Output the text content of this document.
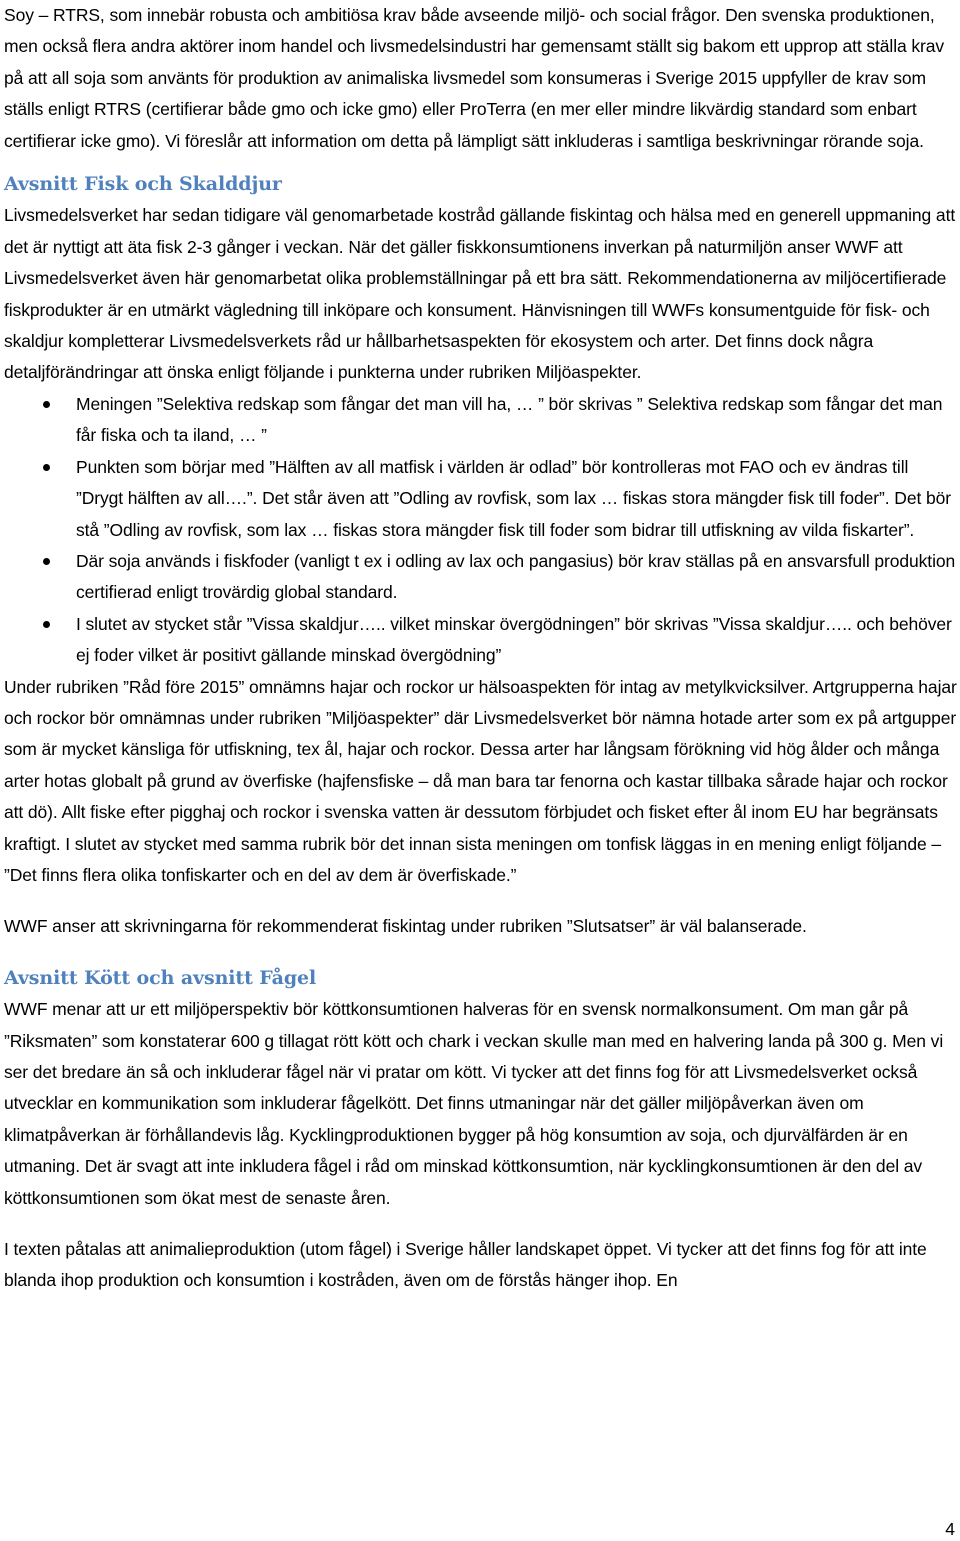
Soy – RTRS, som innebär robusta och ambitiösa krav både avseende miljö- och social frågor. Den svenska produktionen, men också flera andra aktörer inom handel och livsmedelsindustri har gemensamt ställt sig bakom ett upprop att ställa krav på att all soja som använts för produktion av animaliska livsmedel som konsumeras i Sverige 2015 uppfyller de krav som ställs enligt RTRS (certifierar både gmo och icke gmo) eller ProTerra (en mer eller mindre likvärdig standard som enbart certifierar icke gmo). Vi föreslår att information om detta på lämpligt sätt inkluderas i samtliga beskrivningar rörande soja.

Avsnitt Fisk och Skalddjur

Livsmedelsverket har sedan tidigare väl genomarbetade kostråd gällande fiskintag och hälsa med en generell uppmaning att det är nyttigt att äta fisk 2-3 gånger i veckan. När det gäller fiskkonsumtionens inverkan på naturmiljön anser WWF att Livsmedelsverket även här genomarbetat olika problemställningar på ett bra sätt. Rekommendationerna av miljöcertifierade fiskprodukter är en utmärkt vägledning till inköpare och konsument. Hänvisningen till WWFs konsumentguide för fisk- och skaldjur kompletterar Livsmedelsverkets råd ur hållbarhetsaspekten för ekosystem och arter. Det finns dock några detaljförändringar att önska enligt följande i punkterna under rubriken Miljöaspekter.

Meningen ”Selektiva redskap som fångar det man vill ha, … ” bör skrivas ” Selektiva redskap som fångar det man får fiska och ta iland, … ”
Punkten som börjar med ”Hälften av all matfisk i världen är odlad” bör kontrolleras mot FAO och ev ändras till ”Drygt hälften av all….”. Det står även att ”Odling av rovfisk, som lax … fiskas stora mängder fisk till foder”. Det bör stå ”Odling av rovfisk, som lax … fiskas stora mängder fisk till foder som bidrar till utfiskning av vilda fiskarter”.
Där soja används i fiskfoder (vanligt t ex i odling av lax och pangasius) bör krav ställas på en ansvarsfull produktion certifierad enligt trovärdig global standard.
I slutet av stycket står ”Vissa skaldjur….. vilket minskar övergödningen” bör skrivas ”Vissa skaldjur….. och behöver ej foder vilket är positivt gällande minskad övergödning”

Under rubriken ”Råd före 2015” omnämns hajar och rockor ur hälsoaspekten för intag av metylkvicksilver. Artgrupperna hajar och rockor bör omnämnas under rubriken ”Miljöaspekter” där Livsmedelsverket bör nämna hotade arter som ex på artgupper som är mycket känsliga för utfiskning, tex ål, hajar och rockor. Dessa arter har långsam förökning vid hög ålder och många arter hotas globalt på grund av överfiske (hajfensfiske – då man bara tar fenorna och kastar tillbaka sårade hajar och rockor att dö). Allt fiske efter pigghaj och rockor i svenska vatten är dessutom förbjudet och fisket efter ål inom EU har begränsats kraftigt. I slutet av stycket med samma rubrik bör det innan sista meningen om tonfisk läggas in en mening enligt följande – ”Det finns flera olika tonfiskarter och en del av dem är överfiskade.”

WWF anser att skrivningarna för rekommenderat fiskintag under rubriken ”Slutsatser” är väl balanserade.

Avsnitt Kött och avsnitt Fågel

WWF menar att ur ett miljöperspektiv bör köttkonsumtionen halveras för en svensk normalkonsument. Om man går på ”Riksmaten” som konstaterar 600 g tillagat rött kött och chark i veckan skulle man med en halvering landa på 300 g. Men vi ser det bredare än så och inkluderar fågel när vi pratar om kött. Vi tycker att det finns fog för att Livsmedelsverket också utvecklar en kommunikation som inkluderar fågelkött. Det finns utmaningar när det gäller miljöpåverkan även om klimatpåverkan är förhållandevis låg. Kycklingproduktionen bygger på hög konsumtion av soja, och djurvälfärden är en utmaning. Det är svagt att inte inkludera fågel i råd om minskad köttkonsumtion, när kycklingkonsumtionen är den del av köttkonsumtionen som ökat mest de senaste åren.

I texten påtalas att animalieproduktion (utom fågel) i Sverige håller landskapet öppet. Vi tycker att det finns fog för att inte blanda ihop produktion och konsumtion i kostråden, även om de förstås hänger ihop. En

4
